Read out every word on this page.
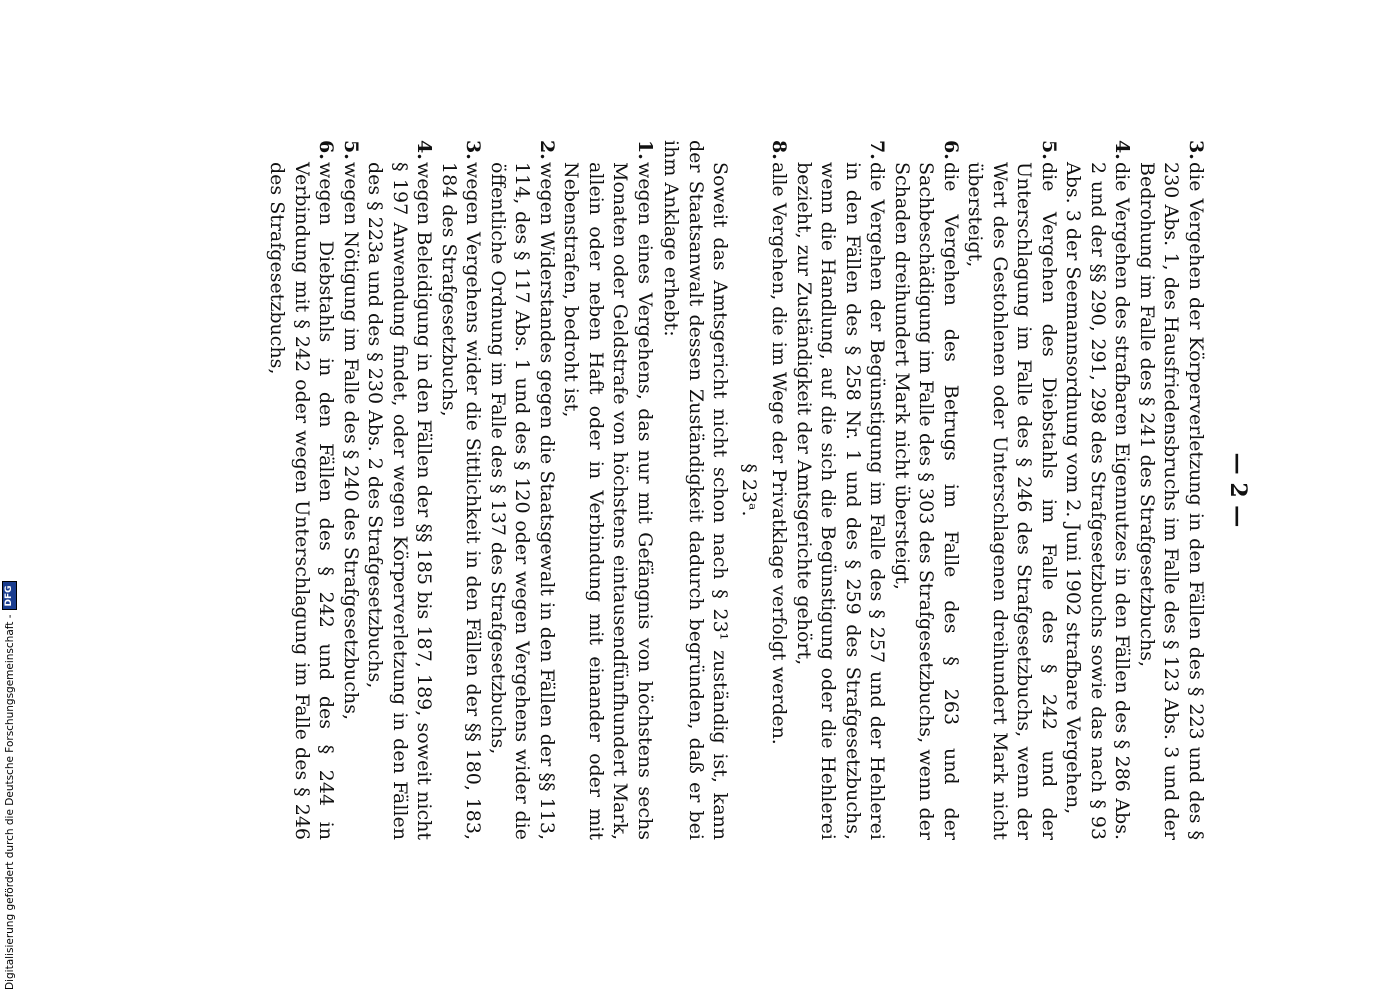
— 2 —
3.
die Vergehen der Körperverletzung in den Fällen des § 223 und des § 230 Abs. 1, des Hausfriedensbruchs im Falle des § 123 Abs. 3 und der Bedrohung im Falle des § 241 des Strafgesetzbuchs,
4.
die Vergehen des strafbaren Eigennutzes in den Fällen des § 286 Abs. 2 und der §§ 290, 291, 298 des Strafgesetzbuchs sowie das nach § 93 Abs. 3 der Seemannsordnung vom 2. Juni 1902 strafbare Vergehen,
5.
die Vergehen des Diebstahls im Falle des § 242 und der Unterschlagung im Falle des § 246 des Strafgesetzbuchs, wenn der Wert des Gestohlenen oder Unterschlagenen dreihundert Mark nicht übersteigt,
6.
die Vergehen des Betrugs im Falle des § 263 und der Sachbeschädigung im Falle des § 303 des Strafgesetzbuchs, wenn der Schaden dreihundert Mark nicht übersteigt,
7.
die Vergehen der Begünstigung im Falle des § 257 und der Hehlerei in den Fällen des § 258 Nr. 1 und des § 259 des Strafgesetzbuchs, wenn die Handlung, auf die sich die Begünstigung oder die Hehlerei bezieht, zur Zuständigkeit der Amtsgerichte gehört,
8.
alle Vergehen, die im Wege der Privatklage verfolgt werden.
§ 23ᵃ.
Soweit das Amtsgericht nicht schon nach § 23¹ zuständig ist, kann der Staatsanwalt dessen Zuständigkeit dadurch begründen, daß er bei ihm Anklage erhebt:
1.
wegen eines Vergehens, das nur mit Gefängnis von höchstens sechs Monaten oder Geldstrafe von höchstens eintausendfünfhundert Mark, allein oder neben Haft oder in Verbindung mit einander oder mit Nebenstrafen, bedroht ist,
2.
wegen Widerstandes gegen die Staatsgewalt in den Fällen der §§ 113, 114, des § 117 Abs. 1 und des § 120 oder wegen Vergehens wider die öffentliche Ordnung im Falle des § 137 des Strafgesetzbuchs,
3.
wegen Vergehens wider die Sittlichkeit in den Fällen der §§ 180, 183, 184 des Strafgesetzbuchs,
4.
wegen Beleidigung in den Fällen der §§ 185 bis 187, 189, soweit nicht § 197 Anwendung findet, oder wegen Körperverletzung in den Fällen des § 223a und des § 230 Abs. 2 des Strafgesetzbuchs,
5.
wegen Nötigung im Falle des § 240 des Strafgesetzbuchs,
6.
wegen Diebstahls in den Fällen des § 242 und des § 244 in Verbindung mit § 242 oder wegen Unterschlagung im Falle des § 246 des Strafgesetzbuchs,
Digitalisierung gefördert durch die Deutsche Forschungsgemeinschaft -
DFG
